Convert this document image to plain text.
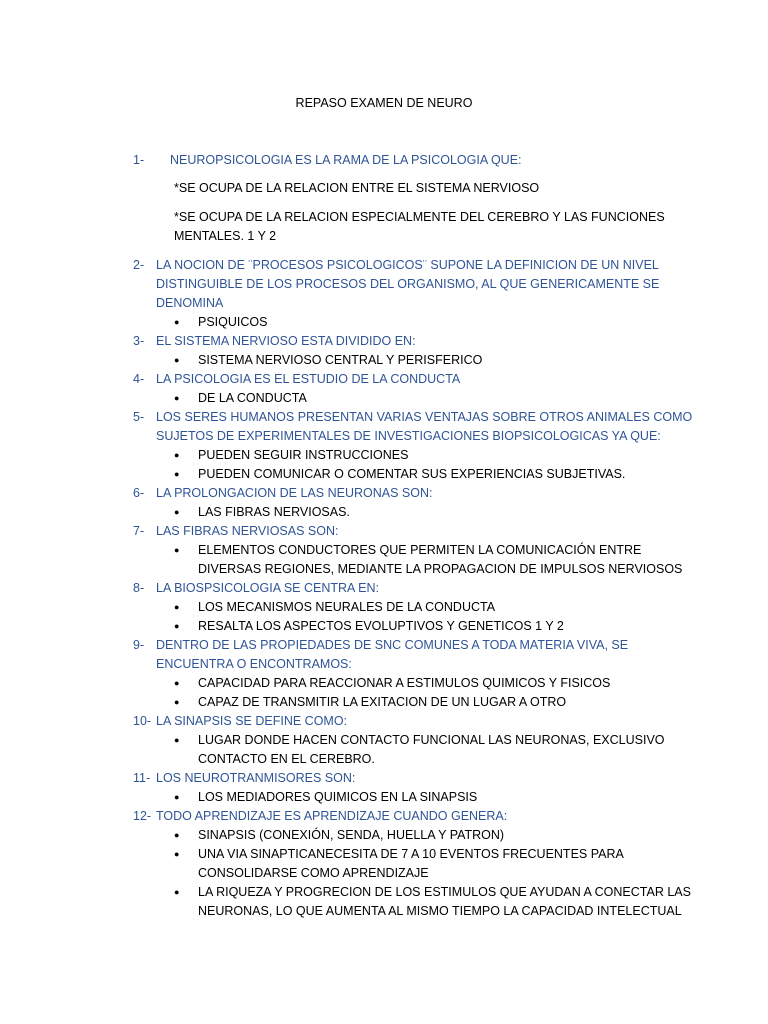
REPASO EXAMEN DE NEURO
1- NEUROPSICOLOGIA ES LA RAMA DE LA PSICOLOGIA QUE:
*SE OCUPA DE LA RELACION ENTRE EL SISTEMA NERVIOSO
*SE OCUPA DE LA RELACION ESPECIALMENTE DEL CEREBRO Y LAS FUNCIONES
MENTALES. 1 Y 2
2- LA NOCION DE ¨PROCESOS PSICOLOGICOS¨ SUPONE LA DEFINICION DE UN NIVEL
DISTINGUIBLE DE LOS PROCESOS DEL ORGANISMO, AL QUE GENERICAMENTE SE
DENOMINA
● PSIQUICOS
3- EL SISTEMA NERVIOSO ESTA DIVIDIDO EN:
● SISTEMA NERVIOSO CENTRAL Y PERISFERICO
4- LA PSICOLOGIA ES EL ESTUDIO DE LA CONDUCTA
● DE LA CONDUCTA
5- LOS SERES HUMANOS PRESENTAN VARIAS VENTAJAS SOBRE OTROS ANIMALES COMO
SUJETOS DE EXPERIMENTALES DE INVESTIGACIONES BIOPSICOLOGICAS YA QUE:
● PUEDEN SEGUIR INSTRUCCIONES
● PUEDEN COMUNICAR O COMENTAR SUS EXPERIENCIAS SUBJETIVAS.
6- LA PROLONGACION DE LAS NEURONAS SON:
● LAS FIBRAS NERVIOSAS.
7- LAS FIBRAS NERVIOSAS SON:
● ELEMENTOS CONDUCTORES QUE PERMITEN LA COMUNICACIÓN ENTRE
DIVERSAS REGIONES, MEDIANTE LA PROPAGACION DE IMPULSOS NERVIOSOS
8- LA BIOSPSICOLOGIA SE CENTRA EN:
● LOS MECANISMOS NEURALES DE LA CONDUCTA
● RESALTA LOS ASPECTOS EVOLUPTIVOS Y GENETICOS 1 Y 2
9- DENTRO DE LAS PROPIEDADES DE SNC COMUNES A TODA MATERIA VIVA, SE
ENCUENTRA O ENCONTRAMOS:
● CAPACIDAD PARA REACCIONAR A ESTIMULOS QUIMICOS Y FISICOS
● CAPAZ DE TRANSMITIR LA EXITACION DE UN LUGAR A OTRO
10- LA SINAPSIS SE DEFINE COMO:
● LUGAR DONDE HACEN CONTACTO FUNCIONAL LAS NEURONAS, EXCLUSIVO
CONTACTO EN EL CEREBRO.
11- LOS NEUROTRANMISORES SON:
● LOS MEDIADORES QUIMICOS EN LA SINAPSIS
12- TODO APRENDIZAJE ES APRENDIZAJE CUANDO GENERA:
● SINAPSIS (CONEXIÓN, SENDA, HUELLA Y PATRON)
● UNA VIA SINAPTICANECESITA DE 7 A 10 EVENTOS FRECUENTES PARA
CONSOLIDARSE COMO APRENDIZAJE
● LA RIQUEZA Y PROGRECION DE LOS ESTIMULOS QUE AYUDAN A CONECTAR LAS
NEURONAS, LO QUE AUMENTA AL MISMO TIEMPO LA CAPACIDAD INTELECTUAL
